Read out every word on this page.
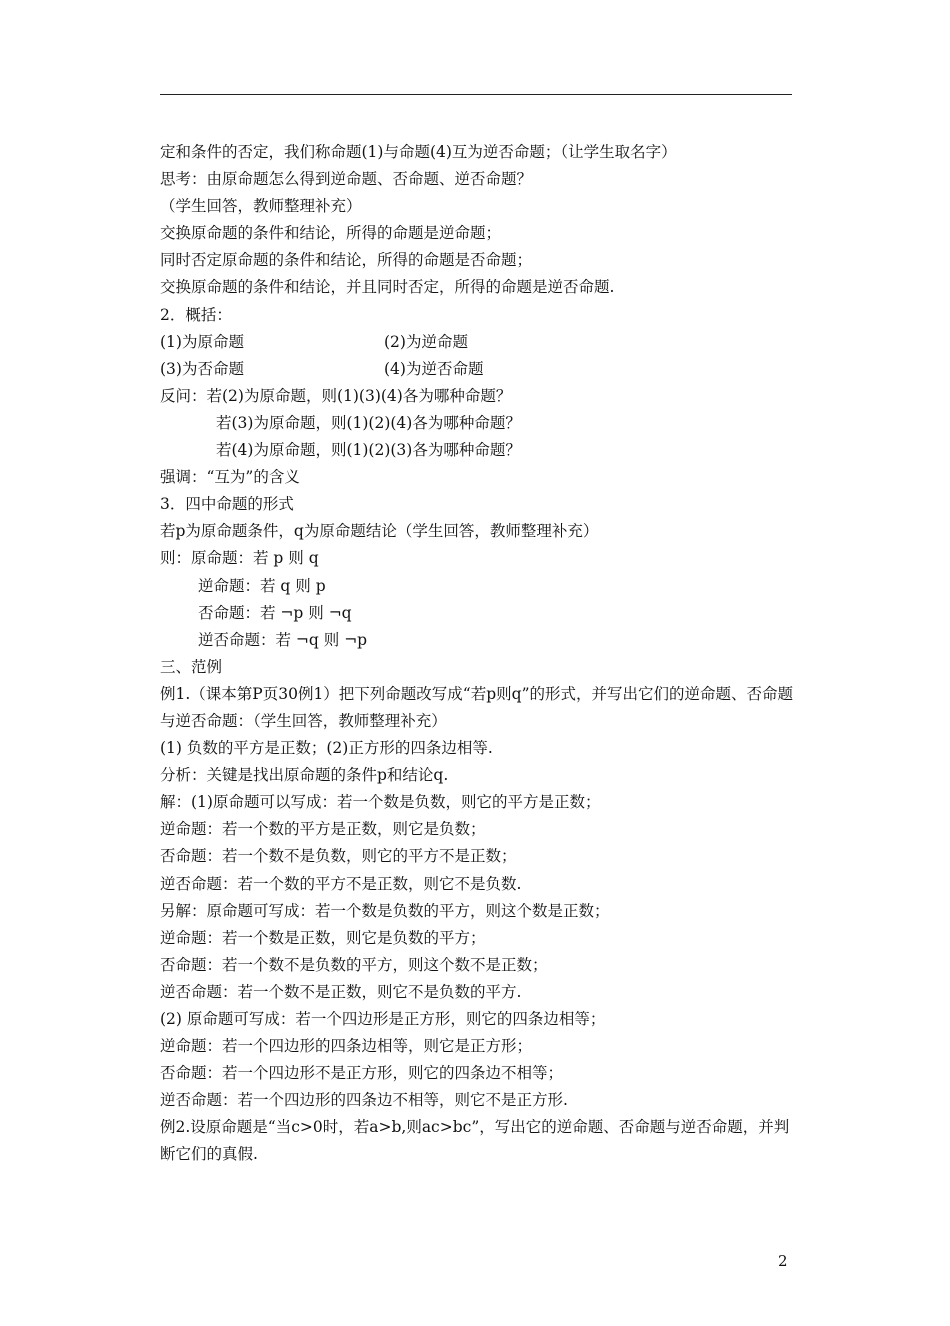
定和条件的否定，我们称命题(1)与命题(4)互为逆否命题；（让学生取名字）
思考：由原命题怎么得到逆命题、否命题、逆否命题？
（学生回答，教师整理补充）
交换原命题的条件和结论，所得的命题是逆命题；
同时否定原命题的条件和结论，所得的命题是否命题；
交换原命题的条件和结论，并且同时否定，所得的命题是逆否命题.
2．概括：
(1)为原命题	(2)为逆命题
(3)为否命题	(4)为逆否命题
反问：若(2)为原命题，则(1)(3)(4)各为哪种命题？
若(3)为原命题，则(1)(2)(4)各为哪种命题？
若(4)为原命题，则(1)(2)(3)各为哪种命题？
强调：“互为”的含义
3．四中命题的形式
若p为原命题条件，q为原命题结论（学生回答，教师整理补充）
则：原命题：若 p 则 q
逆命题：若 q 则 p
否命题：若 ¬p 则 ¬q
逆否命题：若 ¬q 则 ¬p
三、范例
例1.（课本第P页30例1）把下列命题改写成“若p则q”的形式，并写出它们的逆命题、否命题与逆否命题：（学生回答，教师整理补充）
(1) 负数的平方是正数；(2)正方形的四条边相等.
分析：关键是找出原命题的条件p和结论q.
解：(1)原命题可以写成：若一个数是负数，则它的平方是正数；
逆命题：若一个数的平方是正数，则它是负数；
否命题：若一个数不是负数，则它的平方不是正数；
逆否命题：若一个数的平方不是正数，则它不是负数.
另解：原命题可写成：若一个数是负数的平方，则这个数是正数；
逆命题：若一个数是正数，则它是负数的平方；
否命题：若一个数不是负数的平方，则这个数不是正数；
逆否命题：若一个数不是正数，则它不是负数的平方.
(2) 原命题可写成：若一个四边形是正方形，则它的四条边相等；
逆命题：若一个四边形的四条边相等，则它是正方形；
否命题：若一个四边形不是正方形，则它的四条边不相等；
逆否命题：若一个四边形的四条边不相等，则它不是正方形.
例2.设原命题是“当c>0时，若a>b,则ac>bc”，写出它的逆命题、否命题与逆否命题，并判断它们的真假.
2
